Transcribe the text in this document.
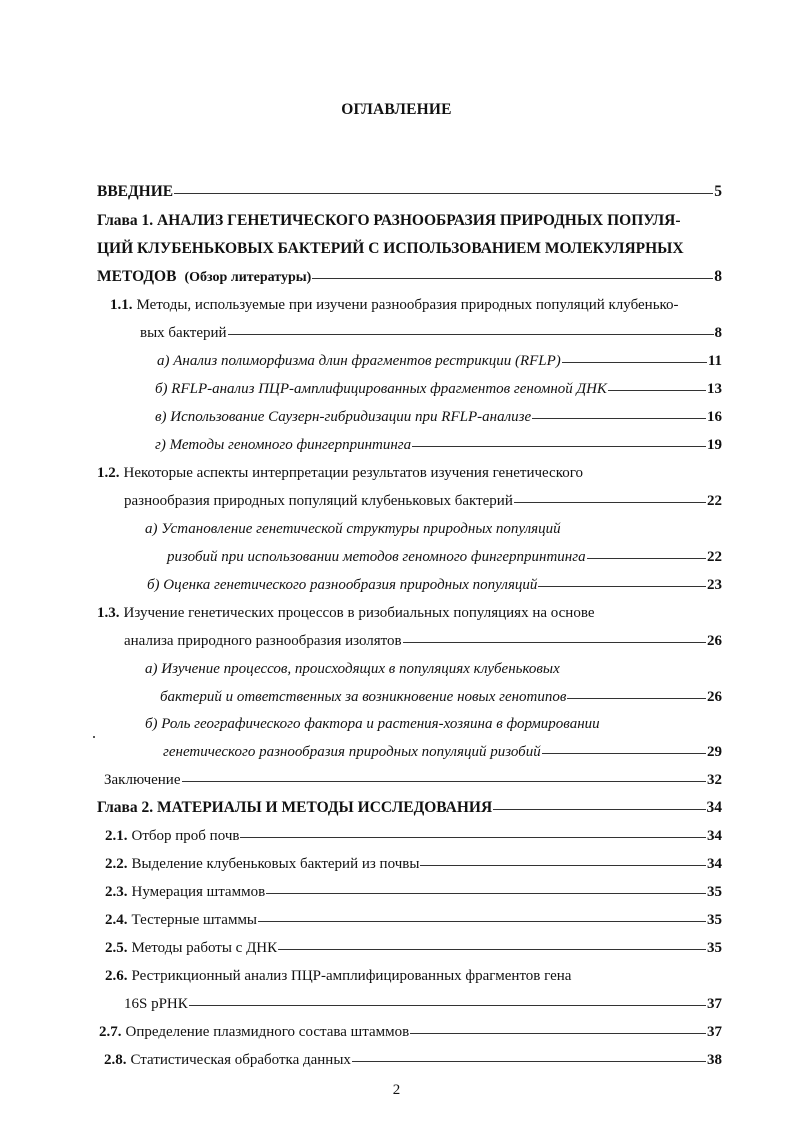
ОГЛАВЛЕНИЕ
ВВЕДНИЕ	5
Глава 1. АНАЛИЗ ГЕНЕТИЧЕСКОГО РАЗНООБРАЗИЯ ПРИРОДНЫХ ПОПУЛЯ-
ЦИЙ КЛУБЕНЬКОВЫХ БАКТЕРИЙ С ИСПОЛЬЗОВАНИЕМ МОЛЕКУЛЯРНЫХ
МЕТОДОВ (Обзор литературы)	8
1.1. Методы, используемые при изучени разнообразия природных популяций клубенько-
вых бактерий	8
а) Анализ полиморфизма длин фрагментов рестрикции (RFLP)	11
б) RFLP-анализ ПЦР-амплифицированных фрагментов геномной ДНК	13
в) Использование Саузерн-гибридизации при RFLP-анализе	16
г) Методы геномного фингерпринтинга	19
1.2. Некоторые аспекты интерпретации результатов изучения генетического
разнообразия природных популяций клубеньковых бактерий	22
а) Установление генетической структуры природных популяций
ризобий при использовании методов геномного фингерпринтинга	22
б) Оценка генетического разнообразия природных популяций	23
1.3. Изучение генетических процессов в ризобиальных популяциях на основе
анализа природного разнообразия изолятов	26
а) Изучение процессов, происходящих в популяциях клубеньковых
бактерий и ответственных за возникновение новых генотипов	26
б) Роль географического фактора и растения-хозяина в формировании
генетического разнообразия природных популяций ризобий	29
Заключение	32
Глава 2. МАТЕРИАЛЫ И МЕТОДЫ ИССЛЕДОВАНИЯ	34
2.1. Отбор проб почв	34
2.2. Выделение клубеньковых бактерий из почвы	34
2.3. Нумерация штаммов	35
2.4. Тестерные штаммы	35
2.5. Методы работы с ДНК	35
2.6. Рестрикционный анализ ПЦР-амплифицированных фрагментов гена
16S рРНК	37
2.7. Определение плазмидного состава штаммов	37
2.8. Статистическая обработка данных	38
2
